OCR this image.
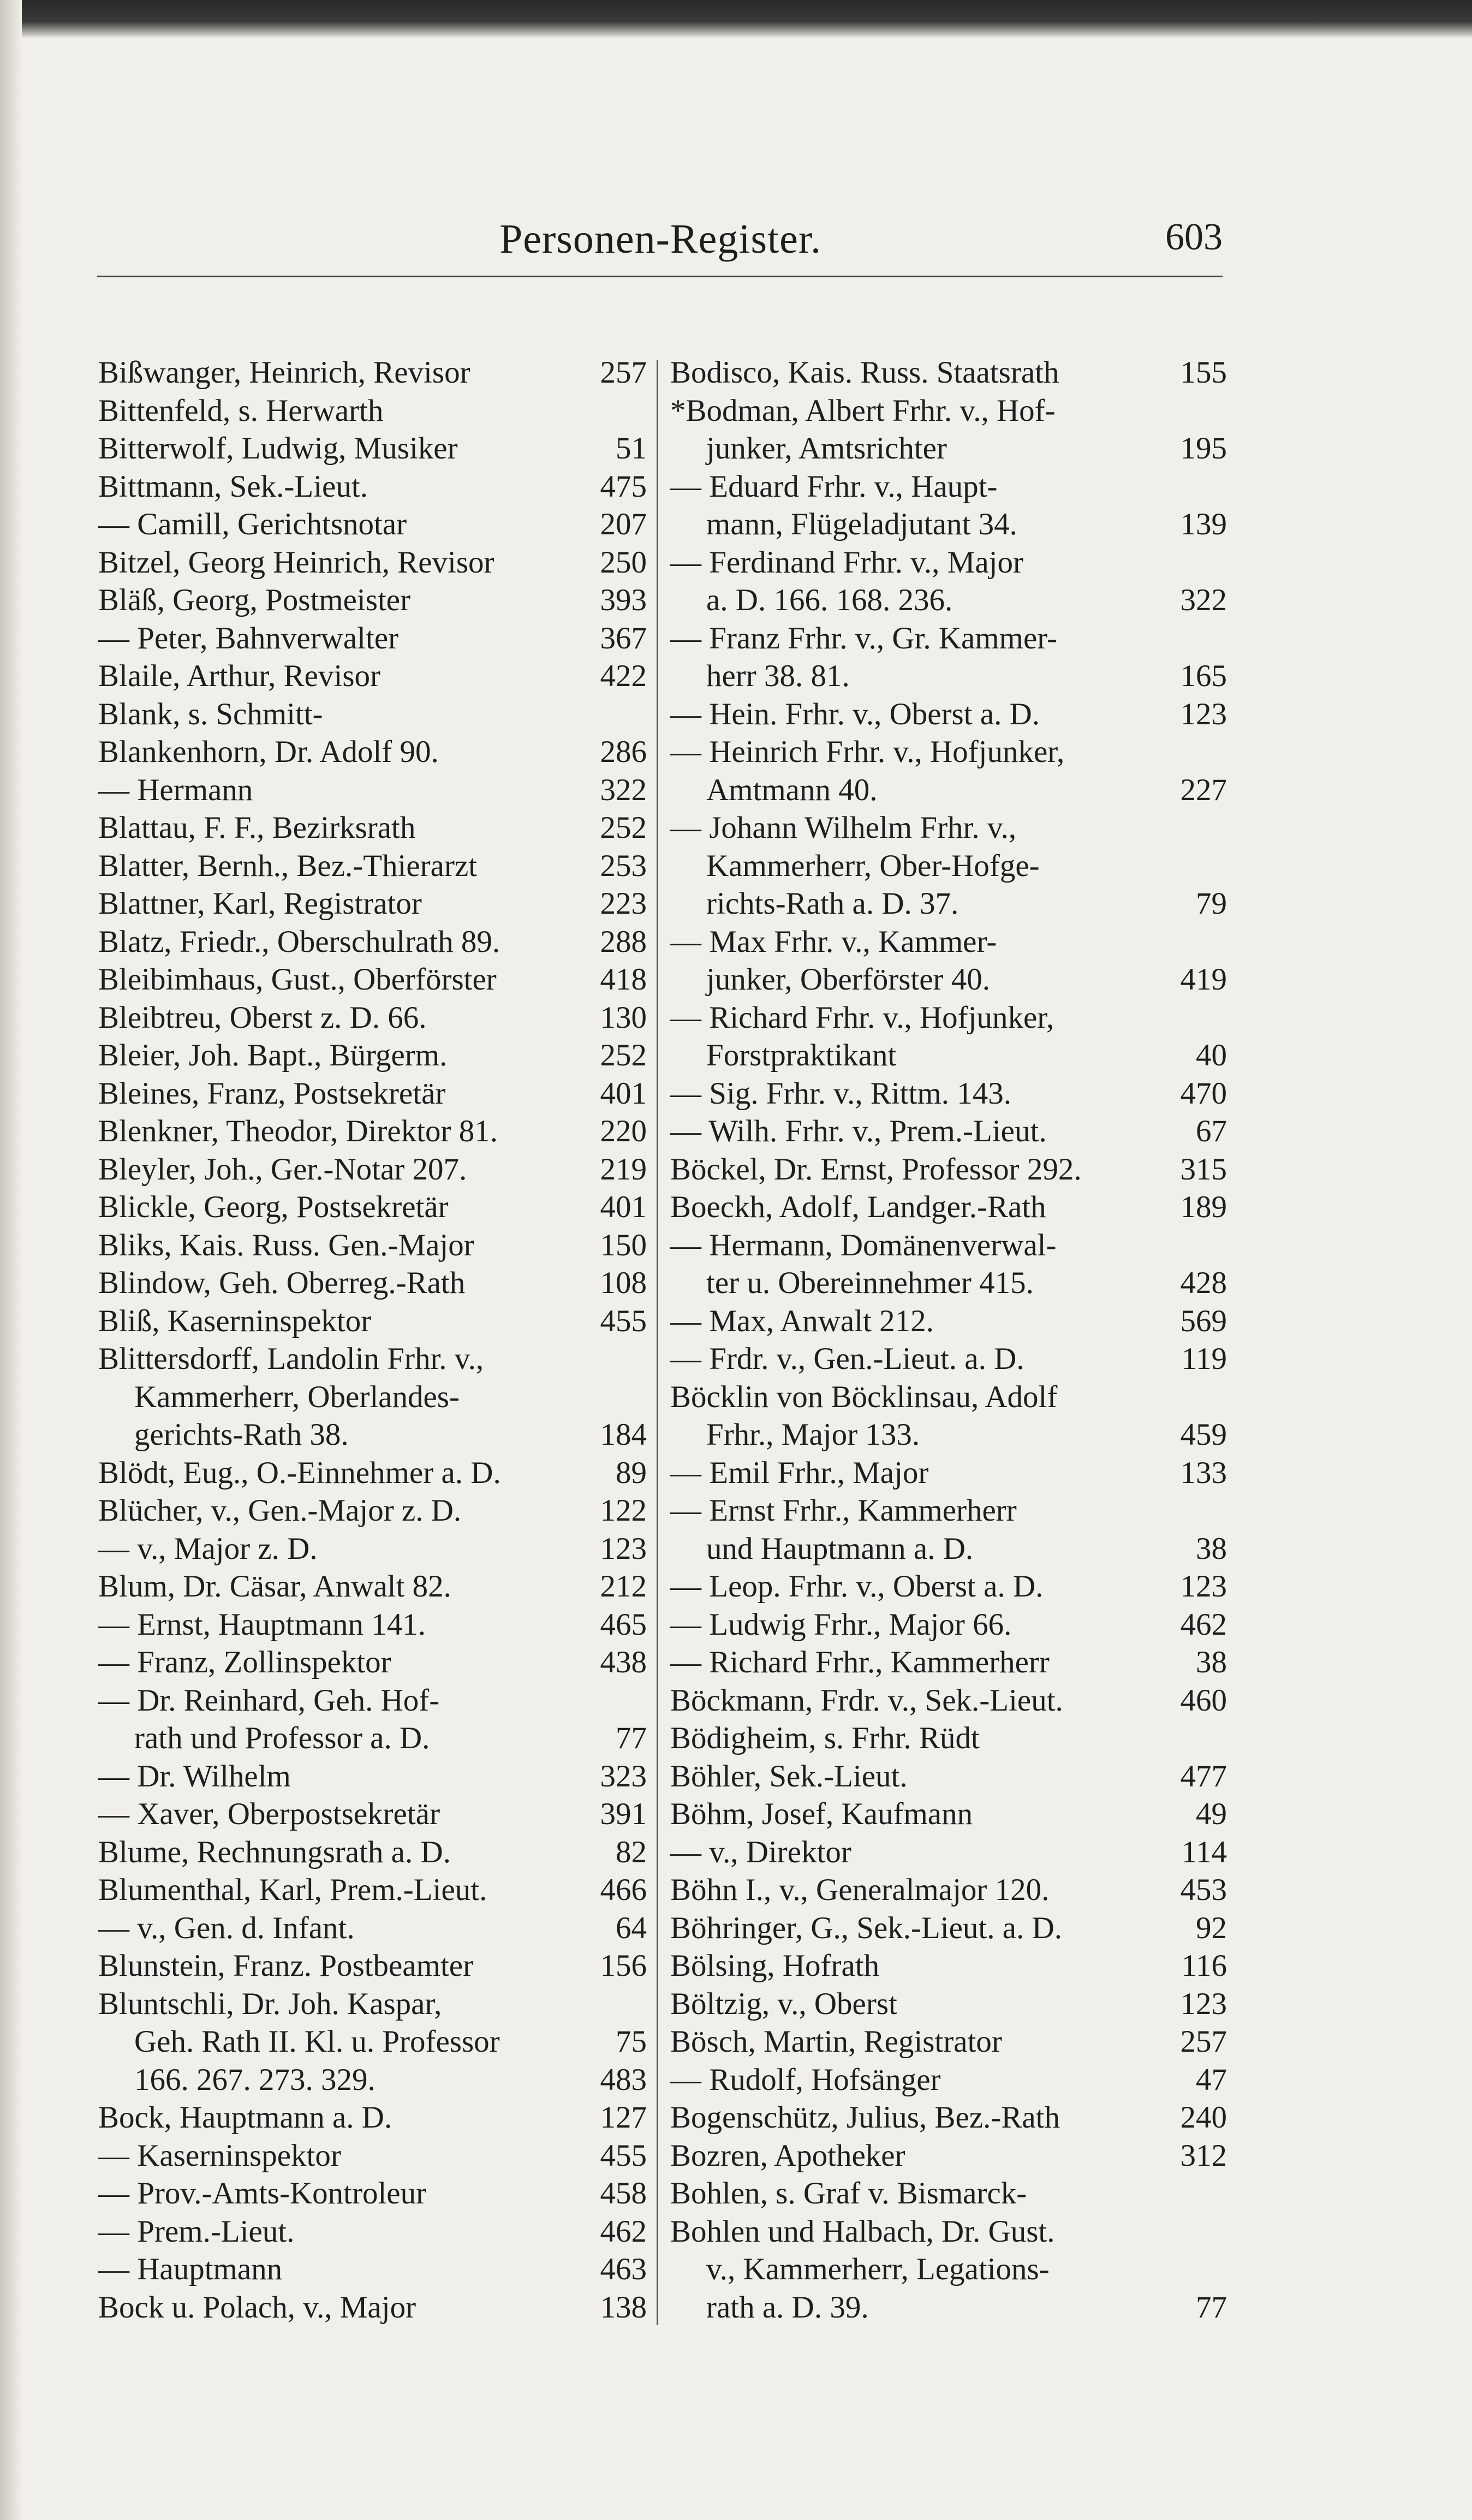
Personen-Register.	603
Bißwanger, Heinrich, Revisor	257
Bittenfeld, s. Herwarth
Bitterwolf, Ludwig, Musiker	51
Bittmann, Sek.-Lieut.	475
— Camill, Gerichtsnotar	207
Bitzel, Georg Heinrich, Revisor	250
Bläß, Georg, Postmeister	393
— Peter, Bahnverwalter	367
Blaile, Arthur, Revisor	422
Blank, s. Schmitt-
Blankenhorn, Dr. Adolf 90.	286
— Hermann	322
Blattau, F. F., Bezirksrath	252
Blatter, Bernh., Bez.-Thierarzt	253
Blattner, Karl, Registrator	223
Blatz, Friedr., Oberschulrath 89.	288
Bleibimhaus, Gust., Oberförster	418
Bleibtreu, Oberst z. D. 66.	130
Bleier, Joh. Bapt., Bürgerm.	252
Bleines, Franz, Postsekretär	401
Blenkner, Theodor, Direktor 81.	220
Bleyler, Joh., Ger.-Notar 207.	219
Blickle, Georg, Postsekretär	401
Bliks, Kais. Russ. Gen.-Major	150
Blindow, Geh. Oberreg.-Rath	108
Bliß, Kaserninspektor	455
Blittersdorff, Landolin Frhr. v.,
Kammerherr, Oberlandes-
gerichts-Rath 38.	184
Blödt, Eug., O.-Einnehmer a. D.	89
Blücher, v., Gen.-Major z. D.	122
— v., Major z. D.	123
Blum, Dr. Cäsar, Anwalt 82.	212
— Ernst, Hauptmann 141.	465
— Franz, Zollinspektor	438
— Dr. Reinhard, Geh. Hof-
rath und Professor a. D.	77
— Dr. Wilhelm	323
— Xaver, Oberpostsekretär	391
Blume, Rechnungsrath a. D.	82
Blumenthal, Karl, Prem.-Lieut.	466
— v., Gen. d. Infant.	64
Blunstein, Franz. Postbeamter	156
Bluntschli, Dr. Joh. Kaspar,
Geh. Rath II. Kl. u. Professor	75
166. 267. 273. 329.	483
Bock, Hauptmann a. D.	127
— Kaserninspektor	455
— Prov.-Amts-Kontroleur	458
— Prem.-Lieut.	462
— Hauptmann	463
Bock u. Polach, v., Major	138
Bodisco, Kais. Russ. Staatsrath	155
*Bodman, Albert Frhr. v., Hof-
junker, Amtsrichter	195
— Eduard Frhr. v., Haupt-
mann, Flügeladjutant 34.	139
— Ferdinand Frhr. v., Major
a. D. 166. 168. 236.	322
— Franz Frhr. v., Gr. Kammer-
herr 38. 81.	165
— Hein. Frhr. v., Oberst a. D.	123
— Heinrich Frhr. v., Hofjunker,
Amtmann 40.	227
— Johann Wilhelm Frhr. v.,
Kammerherr, Ober-Hofge-
richts-Rath a. D. 37.	79
— Max Frhr. v., Kammer-
junker, Oberförster 40.	419
— Richard Frhr. v., Hofjunker,
Forstpraktikant	40
— Sig. Frhr. v., Rittm. 143.	470
— Wilh. Frhr. v., Prem.-Lieut.	67
Böckel, Dr. Ernst, Professor 292.	315
Boeckh, Adolf, Landger.-Rath	189
— Hermann, Domänenverwal-
ter u. Obereinnehmer 415.	428
— Max, Anwalt 212.	569
— Frdr. v., Gen.-Lieut. a. D.	119
Böcklin von Böcklinsau, Adolf
Frhr., Major 133.	459
— Emil Frhr., Major	133
— Ernst Frhr., Kammerherr
und Hauptmann a. D.	38
— Leop. Frhr. v., Oberst a. D.	123
— Ludwig Frhr., Major 66.	462
— Richard Frhr., Kammerherr	38
Böckmann, Frdr. v., Sek.-Lieut.	460
Bödigheim, s. Frhr. Rüdt
Böhler, Sek.-Lieut.	477
Böhm, Josef, Kaufmann	49
— v., Direktor	114
Böhn I., v., Generalmajor 120.	453
Böhringer, G., Sek.-Lieut. a. D.	92
Bölsing, Hofrath	116
Böltzig, v., Oberst	123
Bösch, Martin, Registrator	257
— Rudolf, Hofsänger	47
Bogenschütz, Julius, Bez.-Rath	240
Bozren, Apotheker	312
Bohlen, s. Graf v. Bismarck-
Bohlen und Halbach, Dr. Gust.
v., Kammerherr, Legations-
rath a. D. 39.	77
